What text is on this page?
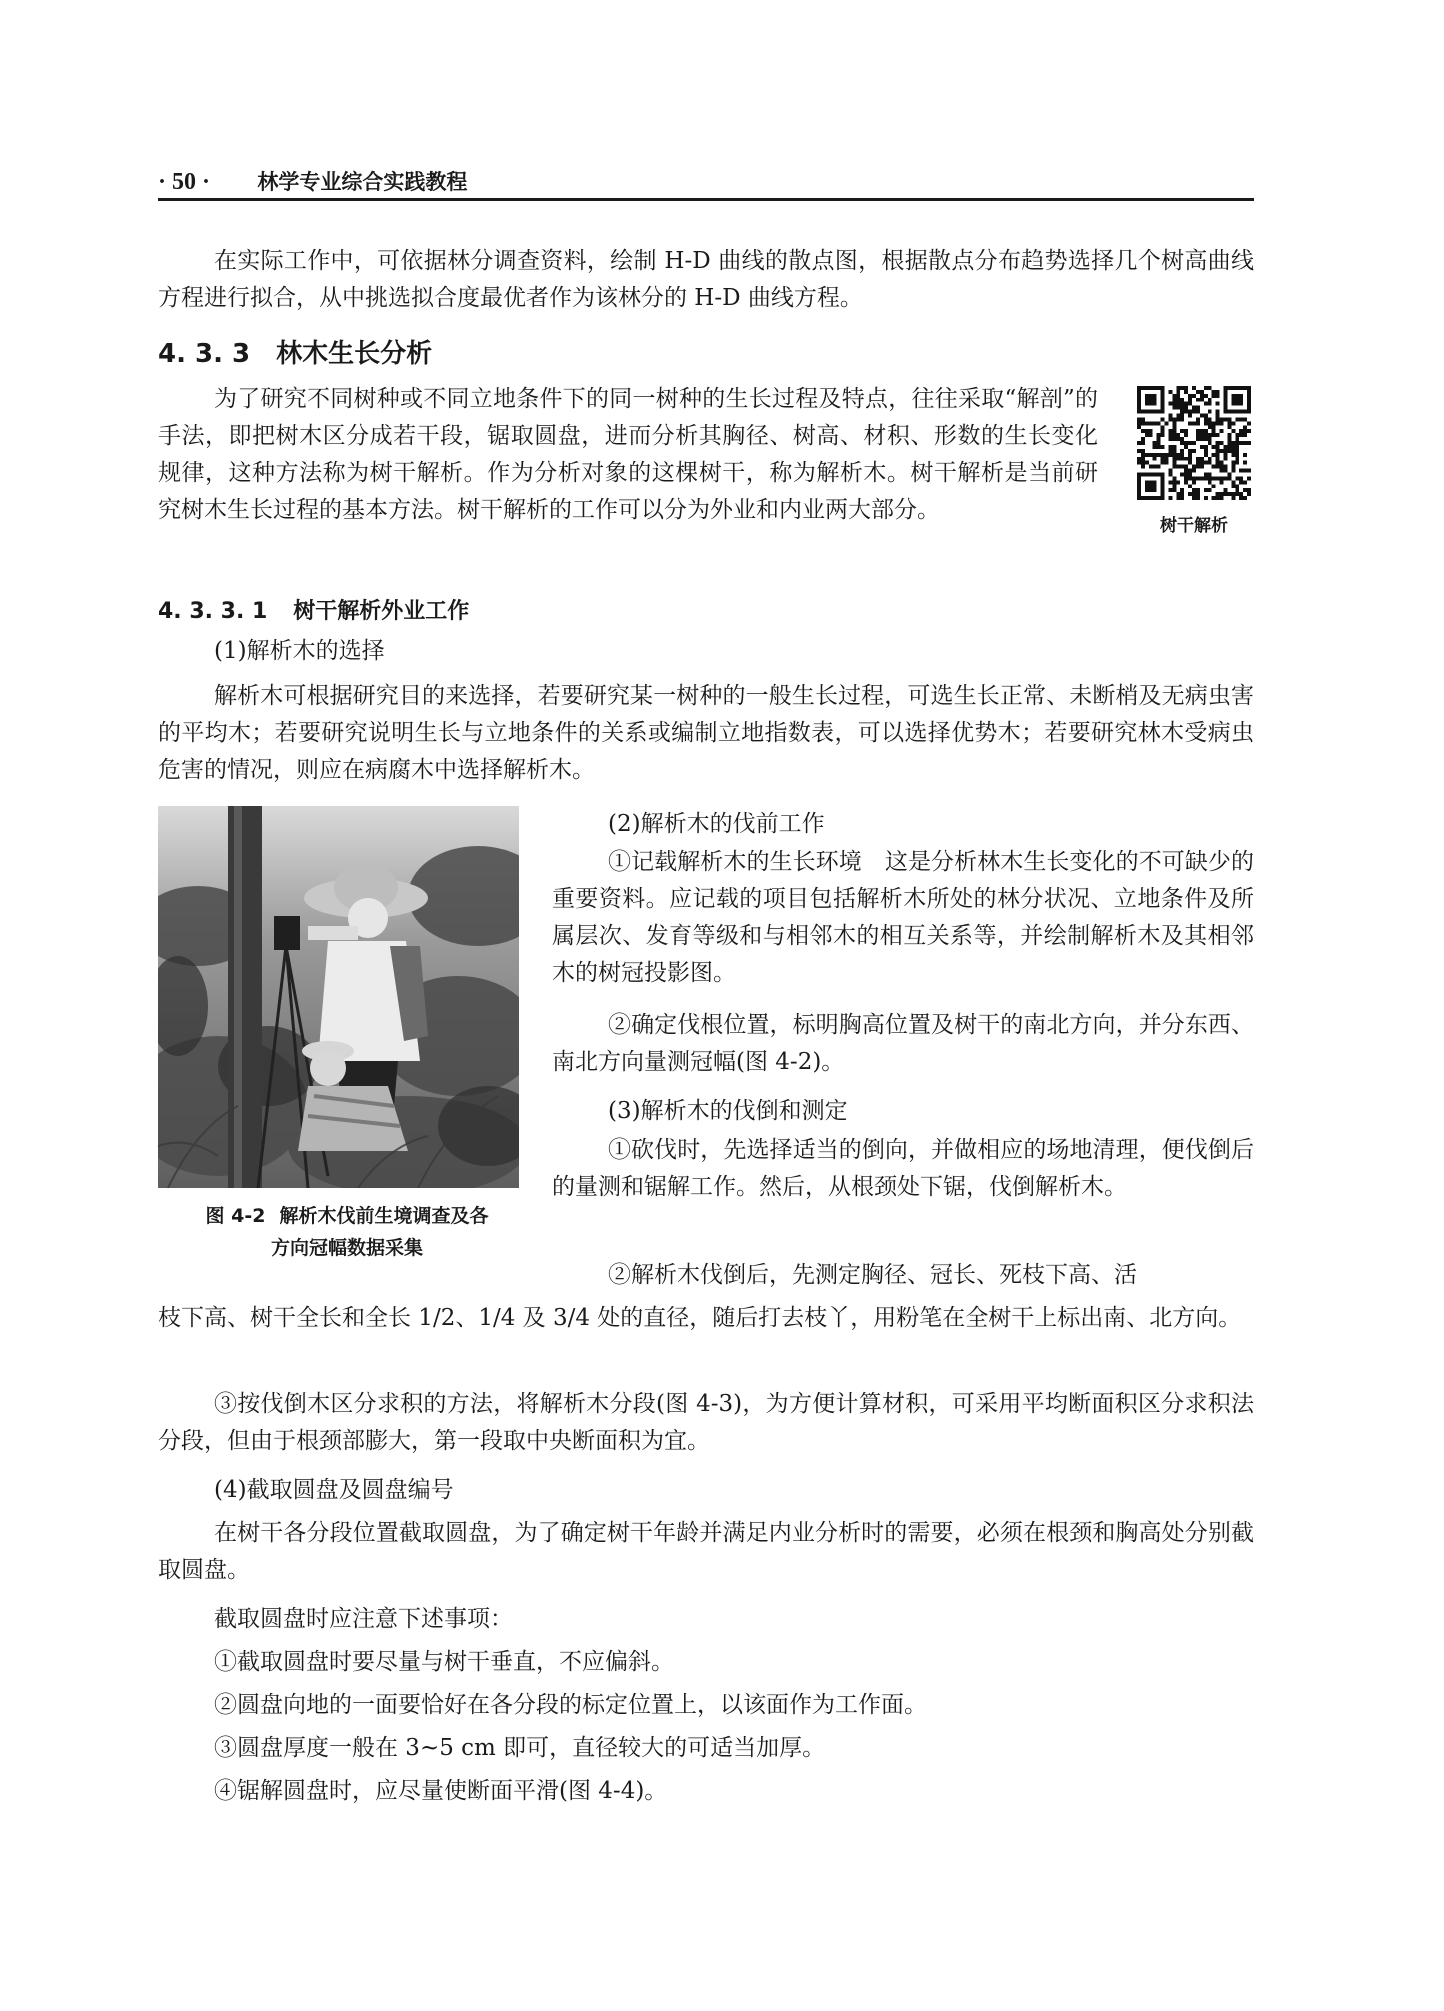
· 50 · 林学专业综合实践教程

在实际工作中，可依据林分调查资料，绘制 H-D 曲线的散点图，根据散点分布趋势选择几个树高曲线方程进行拟合，从中挑选拟合度最优者作为该林分的 H-D 曲线方程。

4. 3. 3 林木生长分析

为了研究不同树种或不同立地条件下的同一树种的生长过程及特点，往往采取“解剖”的手法，即把树木区分成若干段，锯取圆盘，进而分析其胸径、树高、材积、形数的生长变化规律，这种方法称为树干解析。作为分析对象的这棵树干，称为解析木。树干解析是当前研究树木生长过程的基本方法。树干解析的工作可以分为外业和内业两大部分。

树干解析
4. 3. 3. 1 树干解析外业工作

(1)解析木的选择

解析木可根据研究目的来选择，若要研究某一树种的一般生长过程，可选生长正常、未断梢及无病虫害的平均木；若要研究说明生长与立地条件的关系或编制立地指数表，可以选择优势木；若要研究林木受病虫危害的情况，则应在病腐木中选择解析木。

图 4-2 解析木伐前生境调查及各
方向冠幅数据采集

(2)解析木的伐前工作

①记载解析木的生长环境　这是分析林木生长变化的不可缺少的重要资料。应记载的项目包括解析木所处的林分状况、立地条件及所属层次、发育等级和与相邻木的相互关系等，并绘制解析木及其相邻木的树冠投影图。

②确定伐根位置，标明胸高位置及树干的南北方向，并分东西、南北方向量测冠幅(图 4-2)。

(3)解析木的伐倒和测定

①砍伐时，先选择适当的倒向，并做相应的场地清理，便伐倒后的量测和锯解工作。然后，从根颈处下锯，伐倒解析木。

②解析木伐倒后，先测定胸径、冠长、死枝下高、活

枝下高、树干全长和全长 1/2、1/4 及 3/4 处的直径，随后打去枝丫，用粉笔在全树干上标出南、北方向。

③按伐倒木区分求积的方法，将解析木分段(图 4-3)，为方便计算材积，可采用平均断面积区分求积法分段，但由于根颈部膨大，第一段取中央断面积为宜。

(4)截取圆盘及圆盘编号

在树干各分段位置截取圆盘，为了确定树干年龄并满足内业分析时的需要，必须在根颈和胸高处分别截取圆盘。

截取圆盘时应注意下述事项：

①截取圆盘时要尽量与树干垂直，不应偏斜。

②圆盘向地的一面要恰好在各分段的标定位置上，以该面作为工作面。

③圆盘厚度一般在 3~5 cm 即可，直径较大的可适当加厚。

④锯解圆盘时，应尽量使断面平滑(图 4-4)。
